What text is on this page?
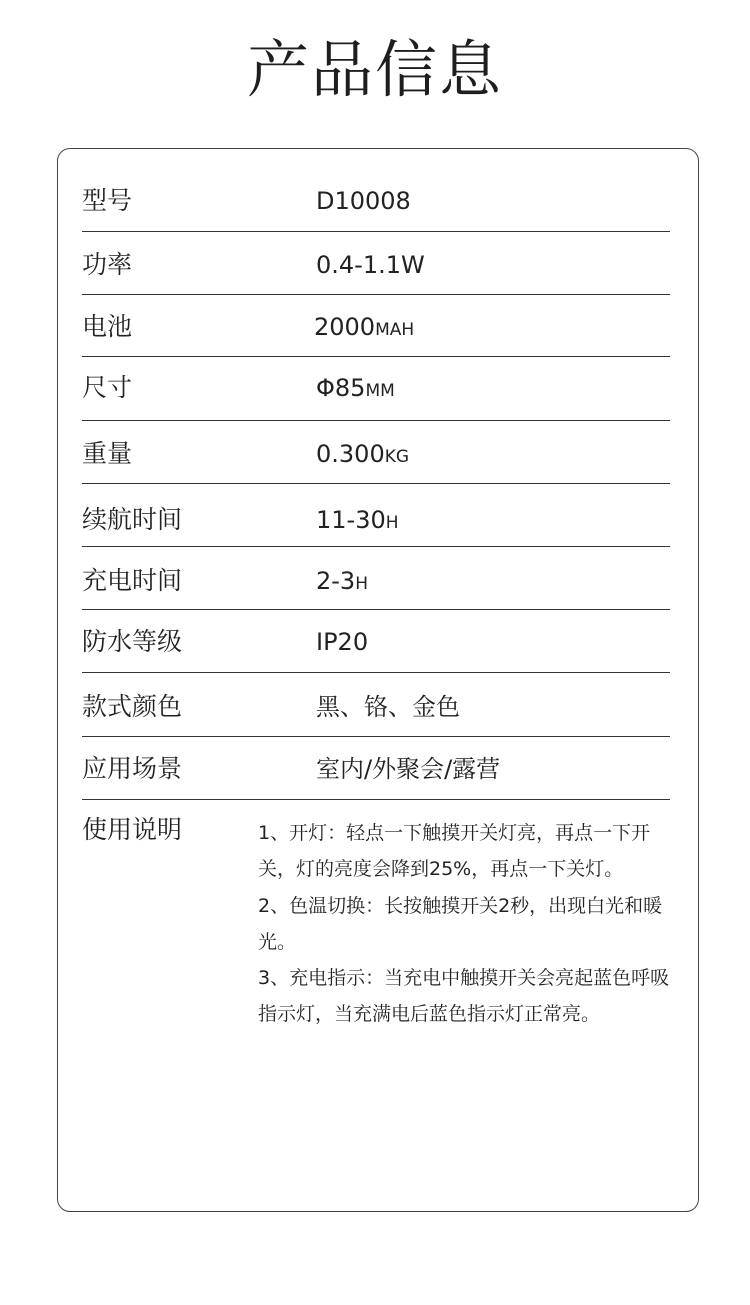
产品信息
型号	D10008
功率	0.4-1.1W
电池	2000MAH
尺寸	Φ85MM
重量	0.300KG
续航时间	11-30H
充电时间	2-3H
防水等级	IP20
款式颜色	黑、铬、金色
应用场景	室内/外聚会/露营
使用说明	1、开灯：轻点一下触摸开关灯亮，再点一下开关，灯的亮度会降到25%，再点一下关灯。

2、色温切换：长按触摸开关2秒，出现白光和暖光。

3、充电指示：当充电中触摸开关会亮起蓝色呼吸指示灯，当充满电后蓝色指示灯正常亮。
